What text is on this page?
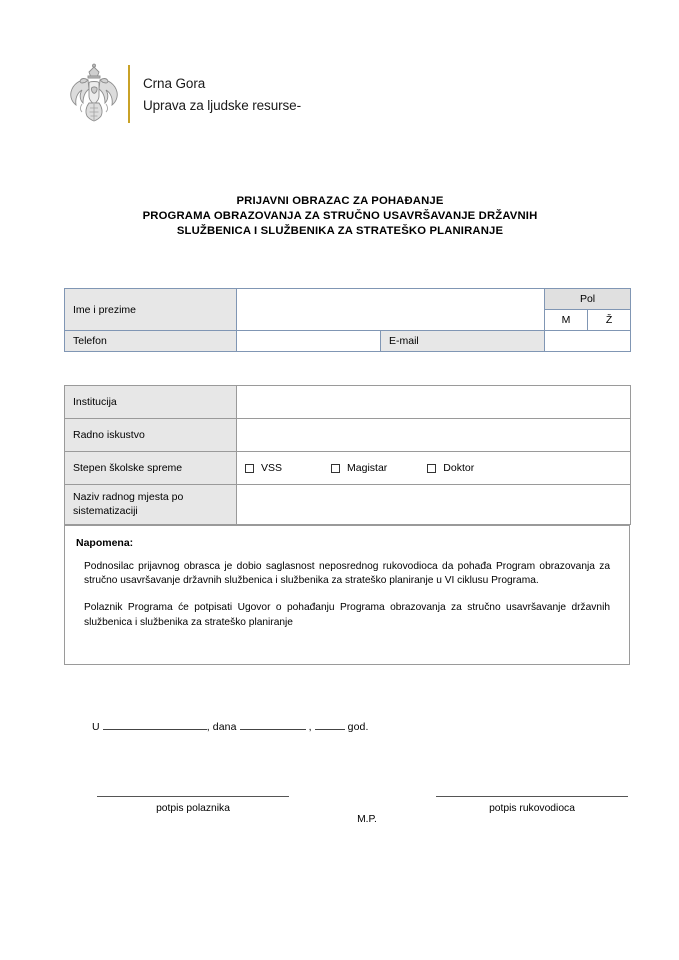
Crna Gora
Uprava za ljudske resurse-
PRIJAVNI OBRAZAC ZA POHAĐANJE
PROGRAMA OBRAZOVANJA ZA STRUČNO USAVRŠAVANJE DRŽAVNIH
SLUŽBENICA I SLUŽBENIKA ZA STRATEŠKO PLANIRANJE
Ime i prezime			Pol	
			M	Ž
Telefon		E-mail		
Institucija	
Radno iskustvo	
Stepen školske spreme	VSS Magistar Doktor

Naziv radnog mjesta po sistematizaciji	
Napomena:

Podnosilac prijavnog obrasca je dobio saglasnost neposrednog rukovodioca da pohađa Program obrazovanja za stručno usavršavanje državnih službenica i službenika za strateško planiranje u VI ciklusu Programa.

Polaznik Programa će potpisati Ugovor o pohađanju Programa obrazovanja za stručno usavršavanje državnih službenica i službenika za strateško planiranje

U	, dana	,	god.
potpis polaznika
M.P.
potpis rukovodioca
